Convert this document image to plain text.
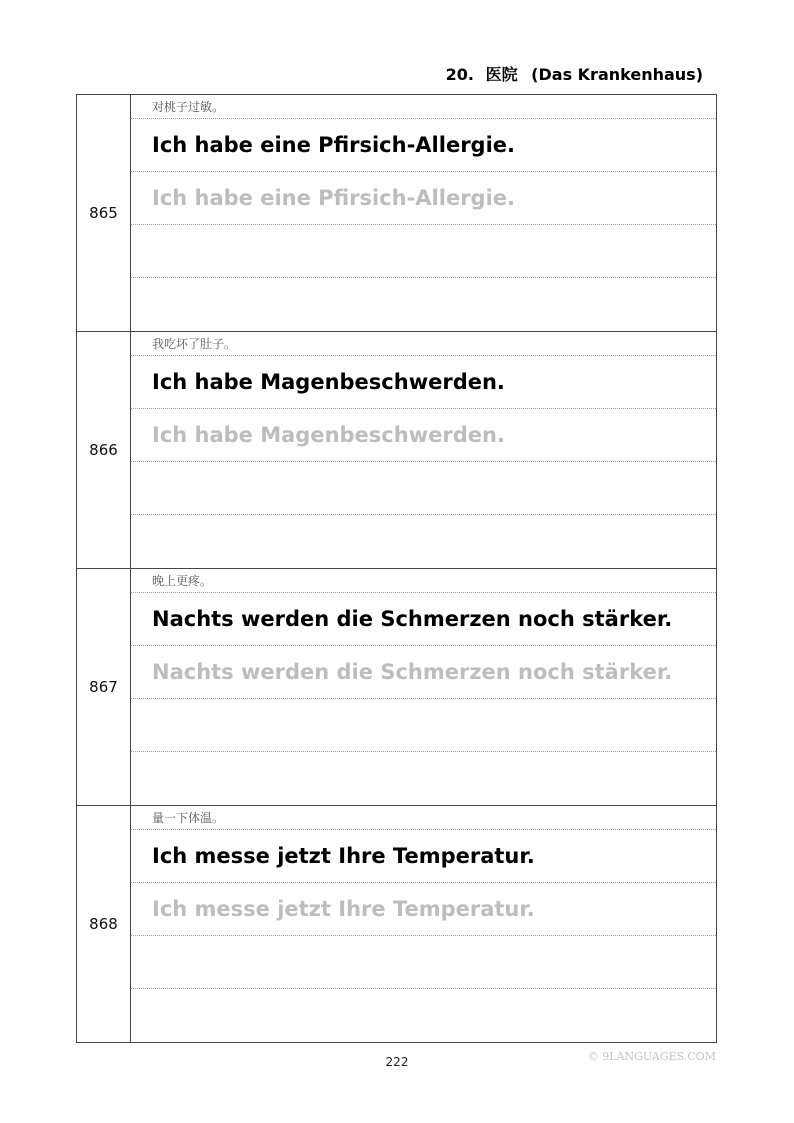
20. 医院 (Das Krankenhaus)
865
对桃子过敏。
Ich habe eine Pfirsich-Allergie.
Ich habe eine Pfirsich-Allergie.
866
我吃坏了肚子。
Ich habe Magenbeschwerden.
Ich habe Magenbeschwerden.
867
晚上更疼。
Nachts werden die Schmerzen noch stärker.
Nachts werden die Schmerzen noch stärker.
868
量一下体温。
Ich messe jetzt Ihre Temperatur.
Ich messe jetzt Ihre Temperatur.
222	© 9LANGUAGES.COM
